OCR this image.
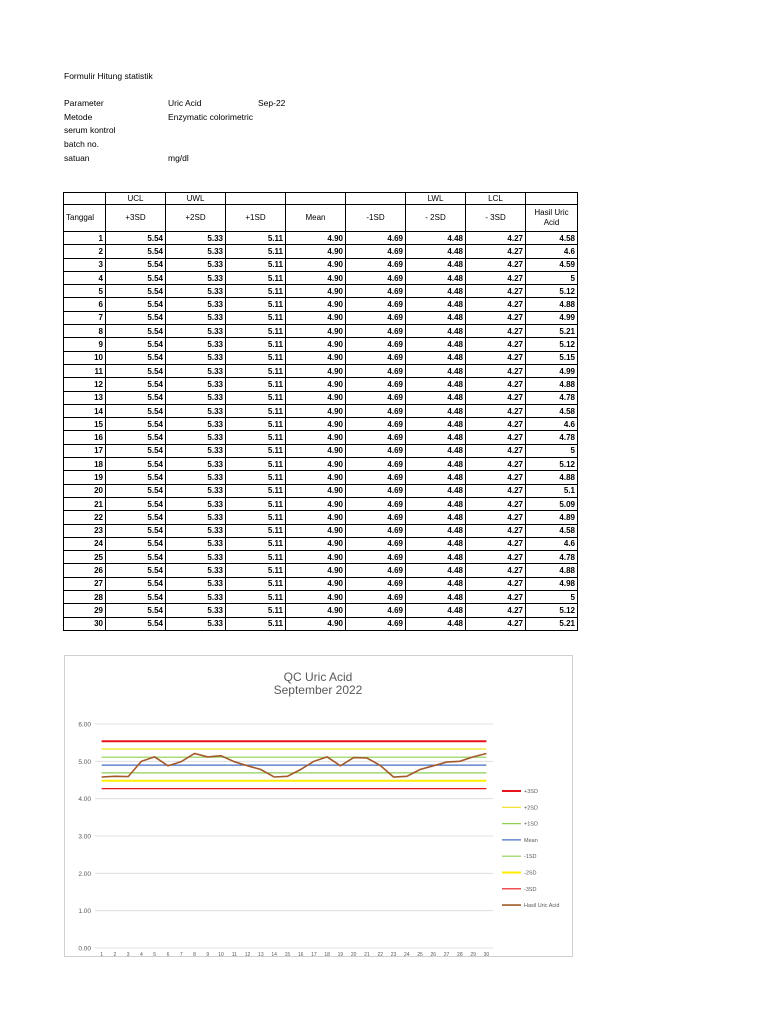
Formulir Hitung statistik
Parameter	Uric Acid	Sep-22
Metode	Enzymatic colorimetric
serum kontrol
batch no.
satuan	mg/dl
	UCL	UWL				LWL	LCL	
Tanggal	+3SD	+2SD	+1SD	Mean	-1SD	- 2SD	- 3SD	Hasil Uric Acid
1	5.54	5.33	5.11	4.90	4.69	4.48	4.27	4.58
2	5.54	5.33	5.11	4.90	4.69	4.48	4.27	4.6
3	5.54	5.33	5.11	4.90	4.69	4.48	4.27	4.59
4	5.54	5.33	5.11	4.90	4.69	4.48	4.27	5
5	5.54	5.33	5.11	4.90	4.69	4.48	4.27	5.12
6	5.54	5.33	5.11	4.90	4.69	4.48	4.27	4.88
7	5.54	5.33	5.11	4.90	4.69	4.48	4.27	4.99
8	5.54	5.33	5.11	4.90	4.69	4.48	4.27	5.21
9	5.54	5.33	5.11	4.90	4.69	4.48	4.27	5.12
10	5.54	5.33	5.11	4.90	4.69	4.48	4.27	5.15
11	5.54	5.33	5.11	4.90	4.69	4.48	4.27	4.99
12	5.54	5.33	5.11	4.90	4.69	4.48	4.27	4.88
13	5.54	5.33	5.11	4.90	4.69	4.48	4.27	4.78
14	5.54	5.33	5.11	4.90	4.69	4.48	4.27	4.58
15	5.54	5.33	5.11	4.90	4.69	4.48	4.27	4.6
16	5.54	5.33	5.11	4.90	4.69	4.48	4.27	4.78
17	5.54	5.33	5.11	4.90	4.69	4.48	4.27	5
18	5.54	5.33	5.11	4.90	4.69	4.48	4.27	5.12
19	5.54	5.33	5.11	4.90	4.69	4.48	4.27	4.88
20	5.54	5.33	5.11	4.90	4.69	4.48	4.27	5.1
21	5.54	5.33	5.11	4.90	4.69	4.48	4.27	5.09
22	5.54	5.33	5.11	4.90	4.69	4.48	4.27	4.89
23	5.54	5.33	5.11	4.90	4.69	4.48	4.27	4.58
24	5.54	5.33	5.11	4.90	4.69	4.48	4.27	4.6
25	5.54	5.33	5.11	4.90	4.69	4.48	4.27	4.78
26	5.54	5.33	5.11	4.90	4.69	4.48	4.27	4.88
27	5.54	5.33	5.11	4.90	4.69	4.48	4.27	4.98
28	5.54	5.33	5.11	4.90	4.69	4.48	4.27	5
29	5.54	5.33	5.11	4.90	4.69	4.48	4.27	5.12
30	5.54	5.33	5.11	4.90	4.69	4.48	4.27	5.21
QC Uric Acid
September 2022
0.00
1.00
2.00
3.00
4.00
5.00
6.00
1 2 3 4 5 6 7 8 9 10 11 12 13 14 15 16 17 18 19 20 21 22 23 24 25 26 27 28 29 30
+3SD
+2SD
+1SD
Mean
-1SD
-2SD
-3SD
Hasil Uric Acid
